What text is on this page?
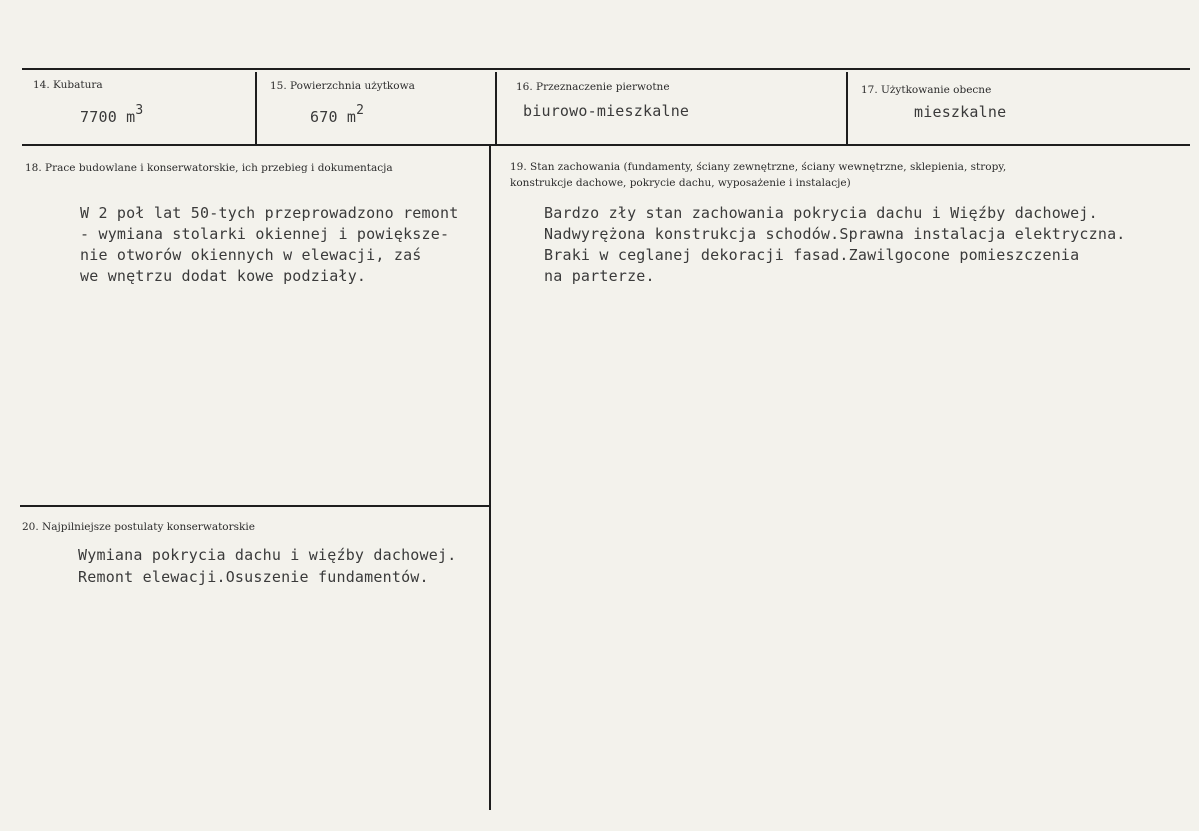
14. Kubatura
7700 $m^3$
15. Powierzchnia użytkowa
670 $m^2$
16. Przeznaczenie pierwotne
biurowo-mieszkalne
17. Użytkowanie obecne
mieszkalne
18. Prace budowlane i konserwatorskie, ich przebieg i dokumentacja
W 2 poł lat 50-tych przeprowadzono remont
- wymiana stolarki okiennej i powiększe-
nie otworów okiennych w elewacji, zaś
we wnętrzu dodat kowe podziały.
19. Stan zachowania (fundamenty, ściany zewnętrzne, ściany wewnętrzne, sklepienia, stropy,
konstrukcje dachowe, pokrycie dachu, wyposażenie i instalacje)
Bardzo zły stan zachowania pokrycia dachu i Więźby dachowej.
Nadwyrężona konstrukcja schodów.Sprawna instalacja elektryczna.
Braki w ceglanej dekoracji fasad.Zawilgocone pomieszczenia
na parterze.
20. Najpilniejsze postulaty konserwatorskie
Wymiana pokrycia dachu i więźby dachowej.
Remont elewacji.Osuszenie fundamentów.
